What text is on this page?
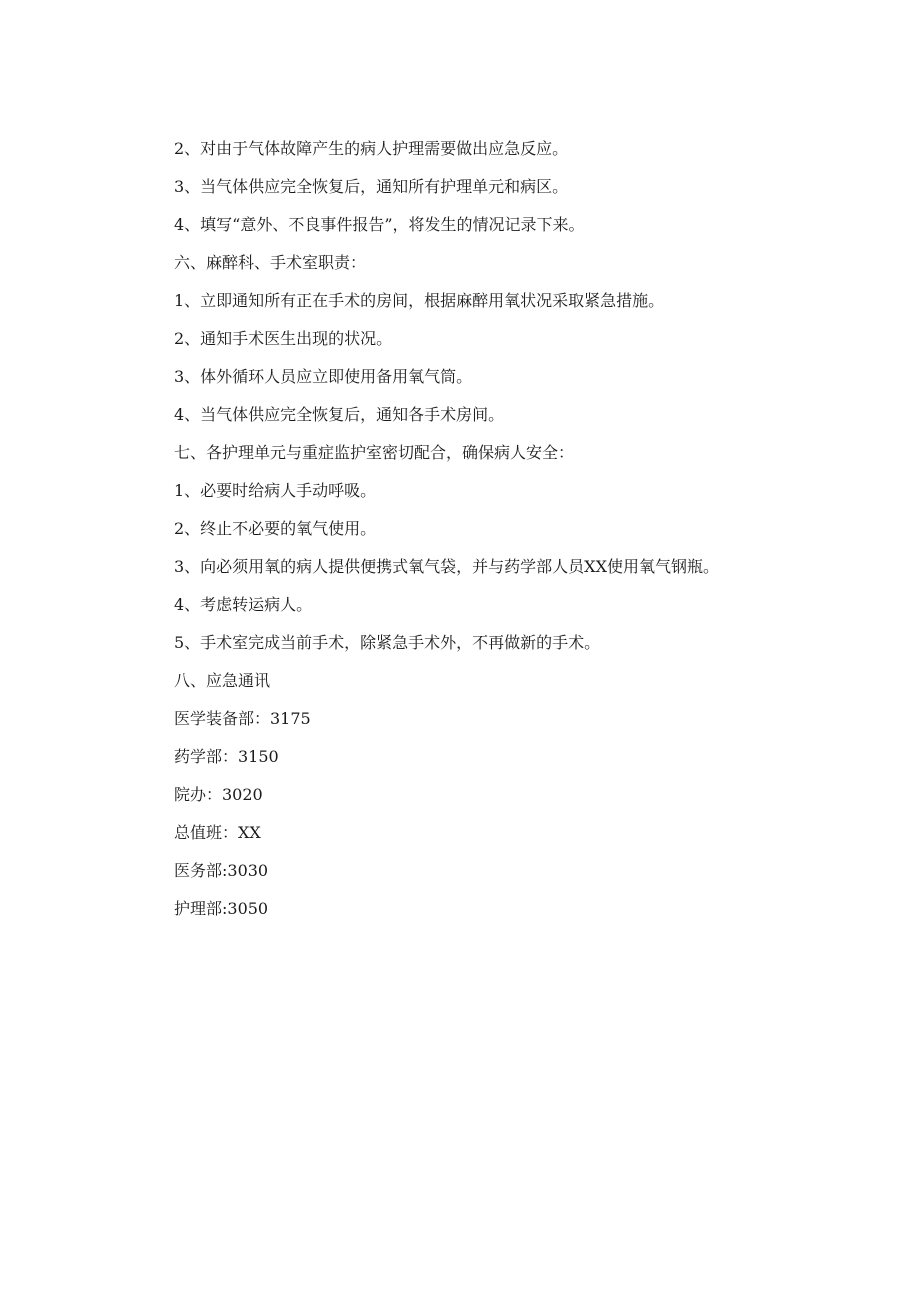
2、对由于气体故障产生的病人护理需要做出应急反应。

3、当气体供应完全恢复后，通知所有护理单元和病区。

4、填写“意外、不良事件报告”，将发生的情况记录下来。

六、麻醉科、手术室职责：

1、立即通知所有正在手术的房间，根据麻醉用氧状况采取紧急措施。

2、通知手术医生出现的状况。

3、体外循环人员应立即使用备用氧气筒。

4、当气体供应完全恢复后，通知各手术房间。

七、各护理单元与重症监护室密切配合，确保病人安全：

1、必要时给病人手动呼吸。

2、终止不必要的氧气使用。

3、向必须用氧的病人提供便携式氧气袋，并与药学部人员XX使用氧气钢瓶。

4、考虑转运病人。

5、手术室完成当前手术，除紧急手术外，不再做新的手术。

八、应急通讯

医学装备部：3175

药学部：3150

院办：3020

总值班：XX

医务部:3030

护理部:3050
